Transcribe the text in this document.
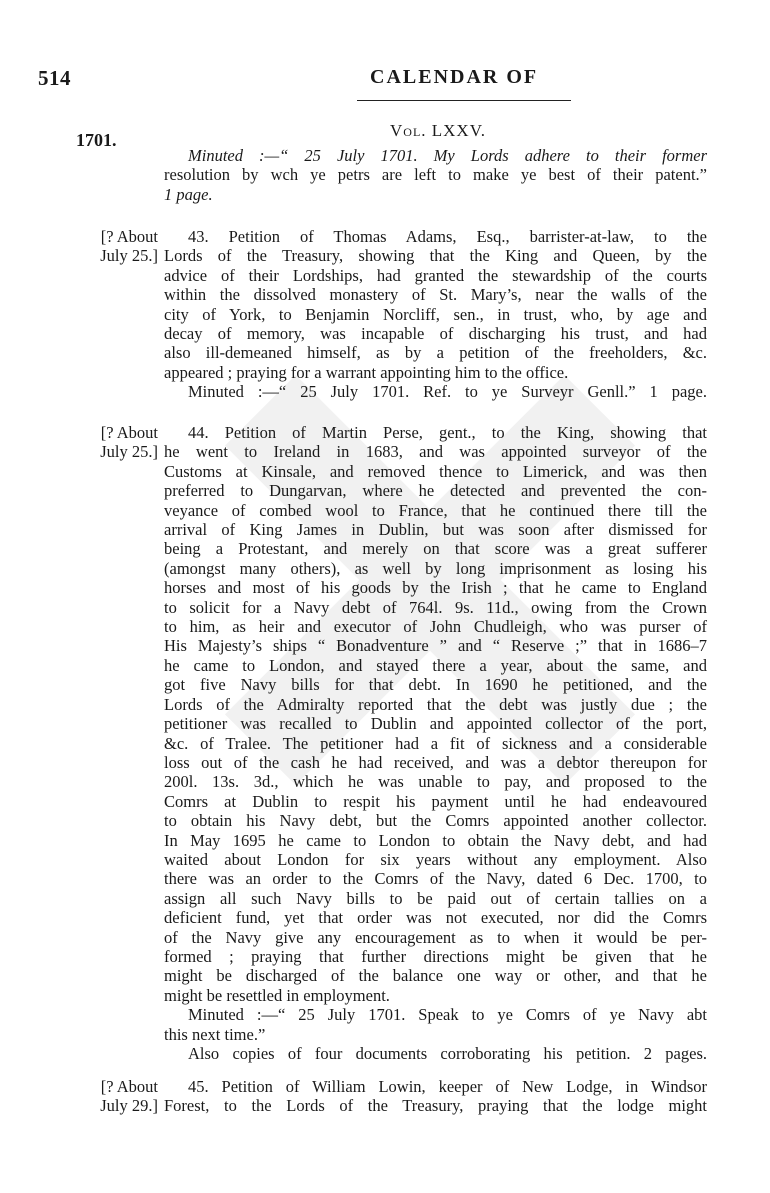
514	CALENDAR OF
1701.	Vol. LXXV.
Minuted :—“ 25 July 1701. My Lords adhere to their former
resolution by wch ye petrs are left to make ye best of their patent.”
1 page.
[? About
July 25.]
43. Petition of Thomas Adams, Esq., barrister-at-law, to the
Lords of the Treasury, showing that the King and Queen, by the
advice of their Lordships, had granted the stewardship of the courts
within the dissolved monastery of St. Mary’s, near the walls of the
city of York, to Benjamin Norcliff, sen., in trust, who, by age and
decay of memory, was incapable of discharging his trust, and had
also ill-demeaned himself, as by a petition of the freeholders, &c.
appeared ; praying for a warrant appointing him to the office.
Minuted :—“ 25 July 1701. Ref. to ye Surveyr Genll.” 1 page.
[? About
July 25.]
44. Petition of Martin Perse, gent., to the King, showing that
he went to Ireland in 1683, and was appointed surveyor of the
Customs at Kinsale, and removed thence to Limerick, and was then
preferred to Dungarvan, where he detected and prevented the con-
veyance of combed wool to France, that he continued there till the
arrival of King James in Dublin, but was soon after dismissed for
being a Protestant, and merely on that score was a great sufferer
(amongst many others), as well by long imprisonment as losing his
horses and most of his goods by the Irish ; that he came to England
to solicit for a Navy debt of 764l. 9s. 11d., owing from the Crown
to him, as heir and executor of John Chudleigh, who was purser of
His Majesty’s ships “ Bonadventure ” and “ Reserve ;” that in 1686–7
he came to London, and stayed there a year, about the same, and
got five Navy bills for that debt. In 1690 he petitioned, and the
Lords of the Admiralty reported that the debt was justly due ; the
petitioner was recalled to Dublin and appointed collector of the port,
&c. of Tralee. The petitioner had a fit of sickness and a considerable
loss out of the cash he had received, and was a debtor thereupon for
200l. 13s. 3d., which he was unable to pay, and proposed to the
Comrs at Dublin to respit his payment until he had endeavoured
to obtain his Navy debt, but the Comrs appointed another collector.
In May 1695 he came to London to obtain the Navy debt, and had
waited about London for six years without any employment. Also
there was an order to the Comrs of the Navy, dated 6 Dec. 1700, to
assign all such Navy bills to be paid out of certain tallies on a
deficient fund, yet that order was not executed, nor did the Comrs
of the Navy give any encouragement as to when it would be per-
formed ; praying that further directions might be given that he
might be discharged of the balance one way or other, and that he
might be resettled in employment.
Minuted :—“ 25 July 1701. Speak to ye Comrs of ye Navy abt
this next time.”
Also copies of four documents corroborating his petition. 2 pages.
[? About
July 29.]
45. Petition of William Lowin, keeper of New Lodge, in Windsor
Forest, to the Lords of the Treasury, praying that the lodge might
